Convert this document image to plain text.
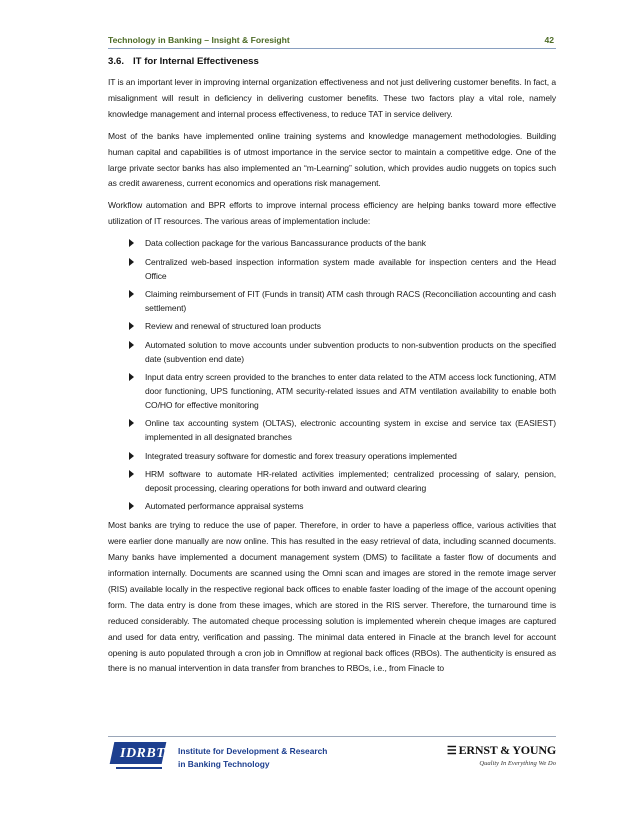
Technology in Banking – Insight & Foresight	42
3.6. IT for Internal Effectiveness

IT is an important lever in improving internal organization effectiveness and not just delivering customer benefits. In fact, a misalignment will result in deficiency in delivering customer benefits. These two factors play a vital role, namely knowledge management and internal process effectiveness, to reduce TAT in service delivery.

Most of the banks have implemented online training systems and knowledge management methodologies. Building human capital and capabilities is of utmost importance in the service sector to maintain a competitive edge. One of the large private sector banks has also implemented an “m-Learning” solution, which provides audio nuggets on topics such as credit awareness, current economics and operations risk management.

Workflow automation and BPR efforts to improve internal process efficiency are helping banks toward more effective utilization of IT resources. The various areas of implementation include:

Data collection package for the various Bancassurance products of the bank
Centralized web-based inspection information system made available for inspection centers and the Head Office
Claiming reimbursement of FIT (Funds in transit) ATM cash through RACS (Reconciliation accounting and cash settlement)
Review and renewal of structured loan products
Automated solution to move accounts under subvention products to non-subvention products on the specified date (subvention end date)
Input data entry screen provided to the branches to enter data related to the ATM access lock functioning, ATM door functioning, UPS functioning, ATM security-related issues and ATM ventilation availability to enable both CO/HO for effective monitoring
Online tax accounting system (OLTAS), electronic accounting system in excise and service tax (EASIEST) implemented in all designated branches
Integrated treasury software for domestic and forex treasury operations implemented
HRM software to automate HR-related activities implemented; centralized processing of salary, pension, deposit processing, clearing operations for both inward and outward clearing
Automated performance appraisal systems

Most banks are trying to reduce the use of paper. Therefore, in order to have a paperless office, various activities that were earlier done manually are now online. This has resulted in the easy retrieval of data, including scanned documents. Many banks have implemented a document management system (DMS) to facilitate a faster flow of documents and information internally. Documents are scanned using the Omni scan and images are stored in the remote image server (RIS) available locally in the respective regional back offices to enable faster loading of the image of the account opening form. The data entry is done from these images, which are stored in the RIS server. Therefore, the turnaround time is reduced considerably. The automated cheque processing solution is implemented wherein cheque images are captured and used for data entry, verification and passing. The minimal data entered in Finacle at the branch level for account opening is auto populated through a cron job in Omniflow at regional back offices (RBOs). The authenticity is ensured as there is no manual intervention in data transfer from branches to RBOs, i.e., from Finacle to

IDRBT Institute for Development & Research
in Banking Technology
☰ ERNST & YOUNG
Quality In Everything We Do
